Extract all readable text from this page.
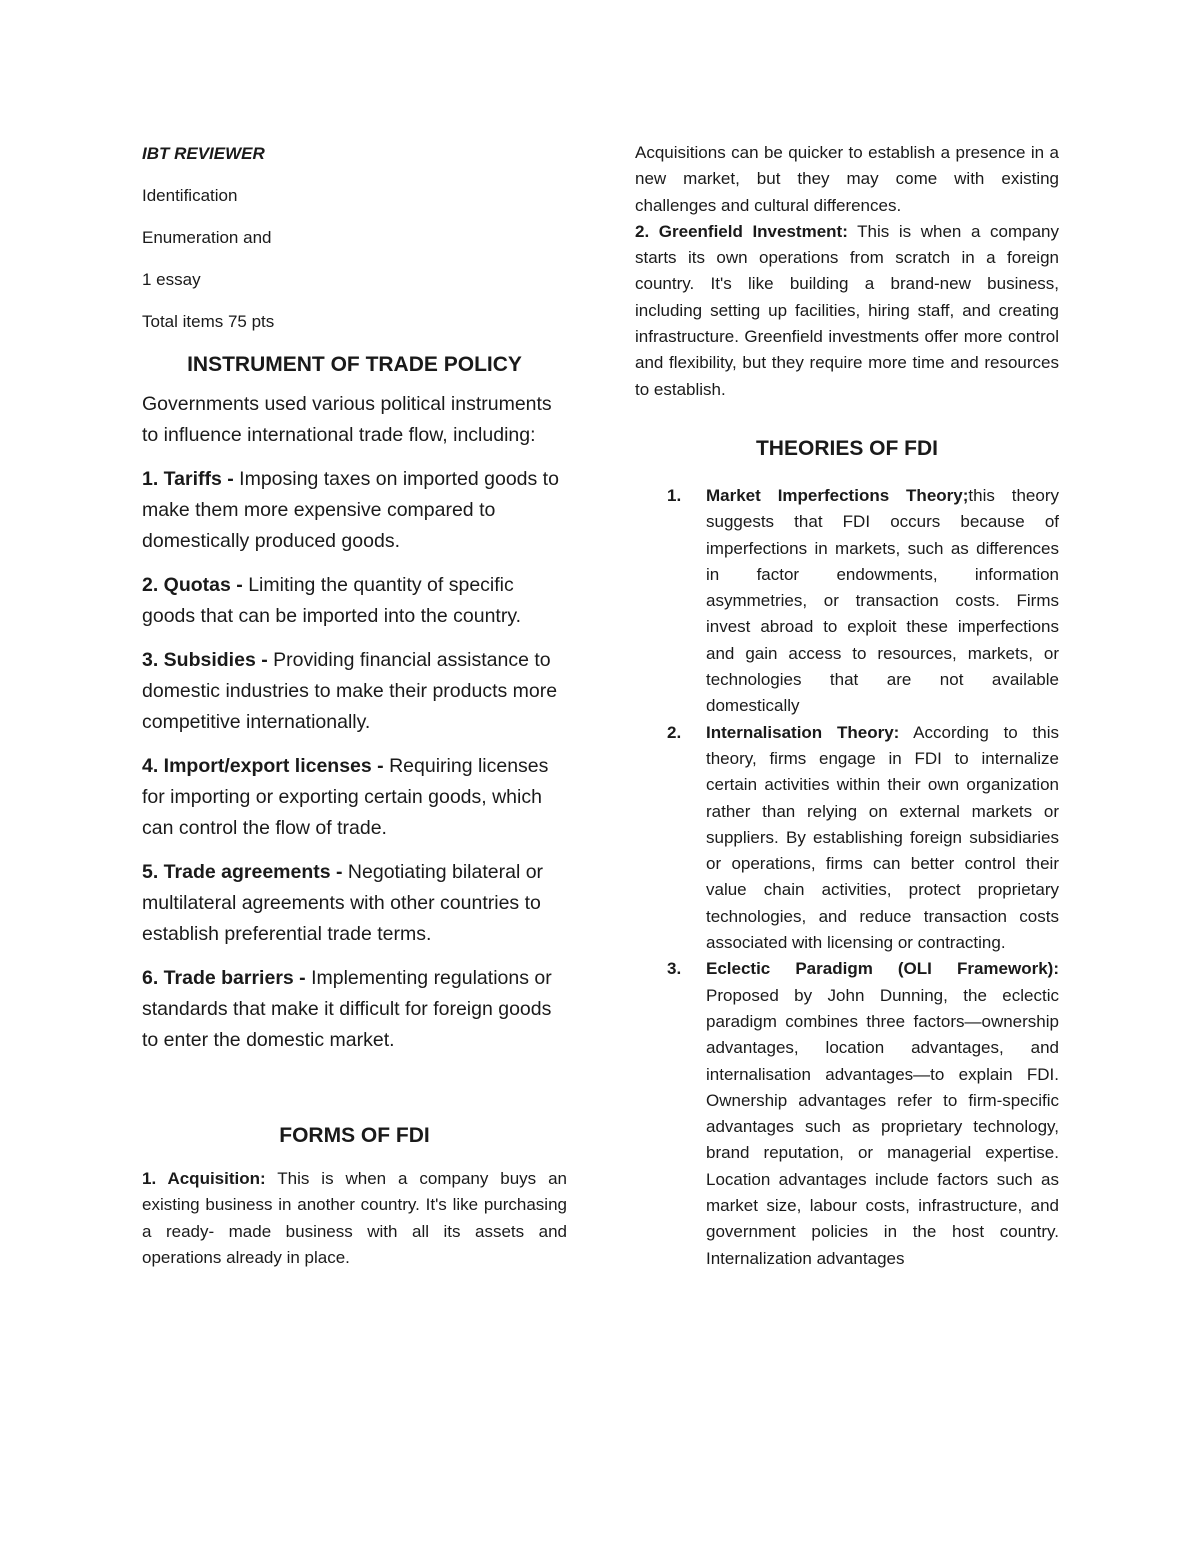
IBT REVIEWER

Identification

Enumeration and

1 essay

Total items 75 pts

INSTRUMENT OF TRADE POLICY

Governments used various political instruments to influence international trade flow, including:

1. Tariffs - Imposing taxes on imported goods to make them more expensive compared to domestically produced goods.

2. Quotas - Limiting the quantity of specific goods that can be imported into the country.

3. Subsidies - Providing financial assistance to domestic industries to make their products more competitive internationally.

4. Import/export licenses - Requiring licenses for importing or exporting certain goods, which can control the flow of trade.

5. Trade agreements - Negotiating bilateral or multilateral agreements with other countries to establish preferential trade terms.

6. Trade barriers - Implementing regulations or standards that make it difficult for foreign goods to enter the domestic market.

FORMS OF FDI

1. Acquisition: This is when a company buys an existing business in another country. It's like purchasing a ready- made business with all its assets and operations already in place.

Acquisitions can be quicker to establish a presence in a new market, but they may come with existing challenges and cultural differences.

2. Greenfield Investment: This is when a company starts its own operations from scratch in a foreign country. It's like building a brand-new business, including setting up facilities, hiring staff, and creating infrastructure. Greenfield investments offer more control and flexibility, but they require more time and resources to establish.

THEORIES OF FDI
1. Market Imperfections Theory;this theory suggests that FDI occurs because of imperfections in markets, such as differences in factor endowments, information asymmetries, or transaction costs. Firms invest abroad to exploit these imperfections and gain access to resources, markets, or technologies that are not available domestically
2. Internalisation Theory: According to this theory, firms engage in FDI to internalize certain activities within their own organization rather than relying on external markets or suppliers. By establishing foreign subsidiaries or operations, firms can better control their value chain activities, protect proprietary technologies, and reduce transaction costs associated with licensing or contracting.
3. Eclectic Paradigm (OLI Framework): Proposed by John Dunning, the eclectic paradigm combines three factors—ownership advantages, location advantages, and internalisation advantages—to explain FDI. Ownership advantages refer to firm-specific advantages such as proprietary technology, brand reputation, or managerial expertise. Location advantages include factors such as market size, labour costs, infrastructure, and government policies in the host country. Internalization advantages
